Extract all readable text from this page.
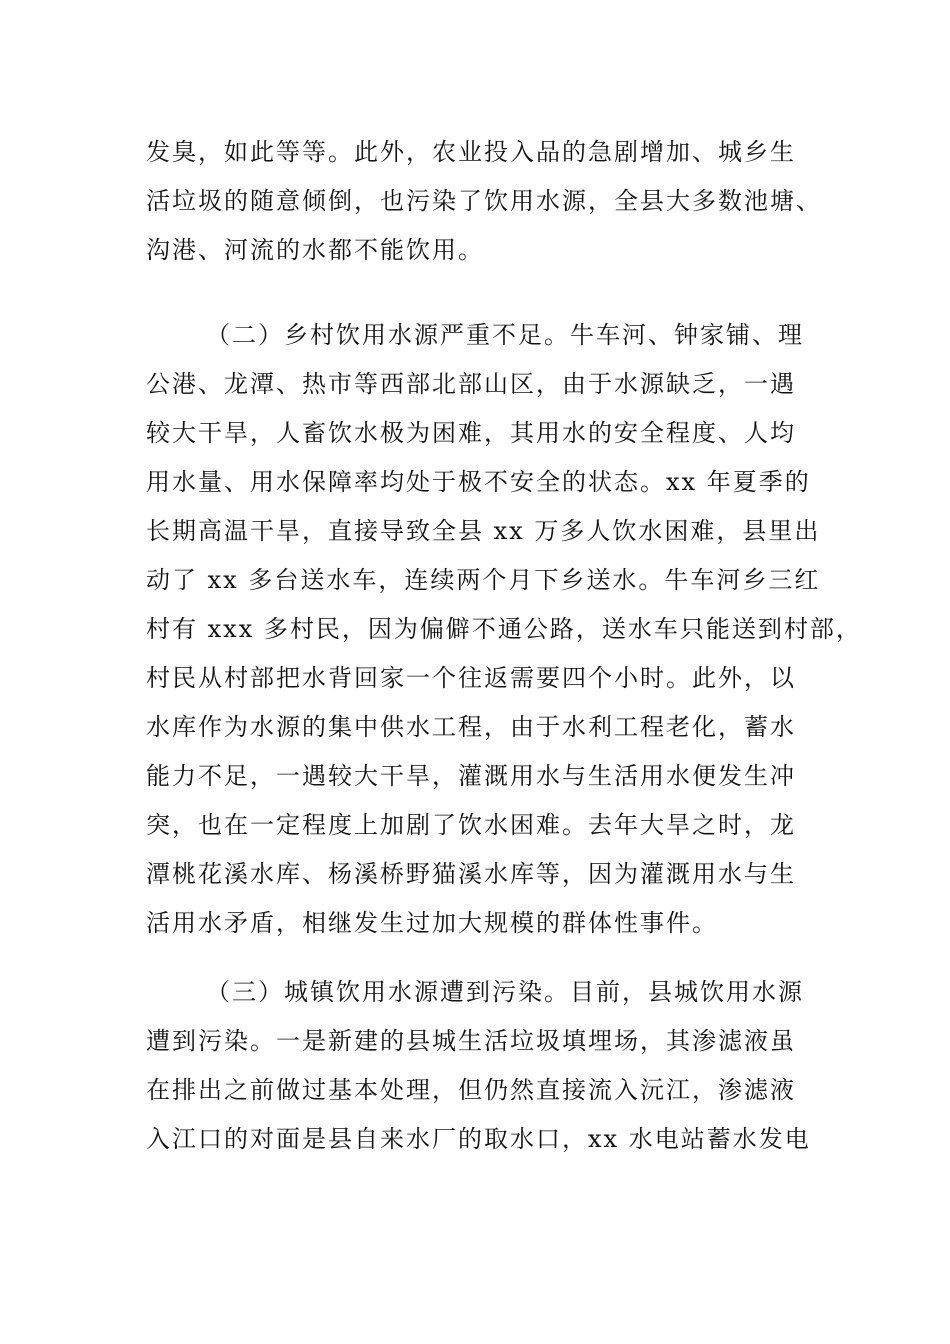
发臭，如此等等。此外，农业投入品的急剧增加、城乡生
活垃圾的随意倾倒，也污染了饮用水源，全县大多数池塘、
沟港、河流的水都不能饮用。
（二）乡村饮用水源严重不足。牛车河、钟家铺、理
公港、龙潭、热市等西部北部山区，由于水源缺乏，一遇
较大干旱，人畜饮水极为困难，其用水的安全程度、人均
用水量、用水保障率均处于极不安全的状态。xx 年夏季的
长期高温干旱，直接导致全县 xx 万多人饮水困难，县里出
动了 xx 多台送水车，连续两个月下乡送水。牛车河乡三红
村有 xxx 多村民，因为偏僻不通公路，送水车只能送到村部，
村民从村部把水背回家一个往返需要四个小时。此外，以
水库作为水源的集中供水工程，由于水利工程老化，蓄水
能力不足，一遇较大干旱，灌溉用水与生活用水便发生冲
突，也在一定程度上加剧了饮水困难。去年大旱之时，龙
潭桃花溪水库、杨溪桥野猫溪水库等，因为灌溉用水与生
活用水矛盾，相继发生过加大规模的群体性事件。
（三）城镇饮用水源遭到污染。目前，县城饮用水源
遭到污染。一是新建的县城生活垃圾填埋场，其渗滤液虽
在排出之前做过基本处理，但仍然直接流入沅江，渗滤液
入江口的对面是县自来水厂的取水口，xx 水电站蓄水发电
